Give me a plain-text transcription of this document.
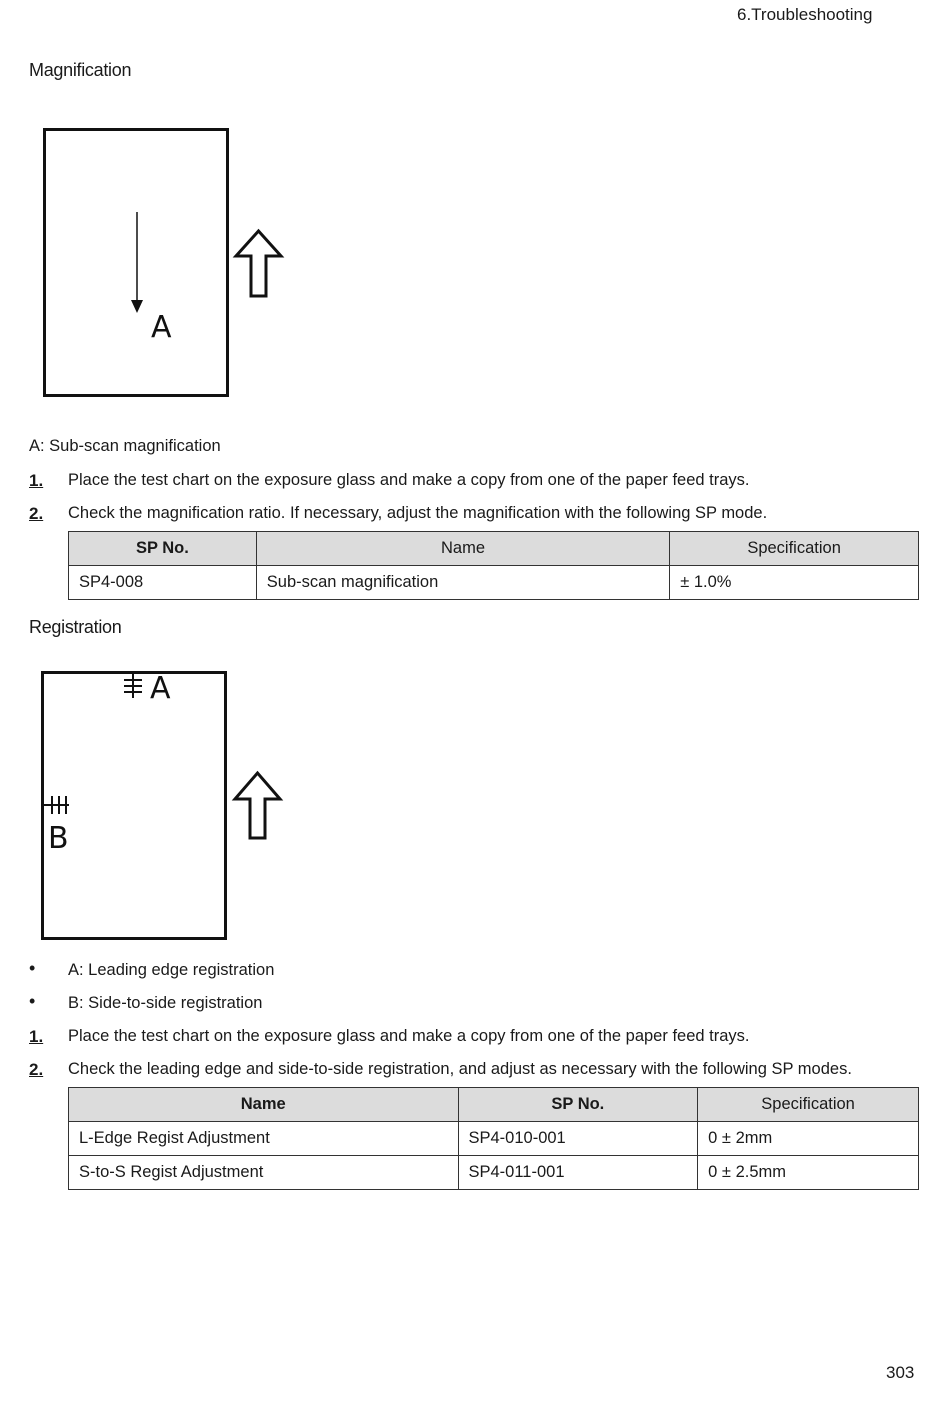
6.Troubleshooting
Magnification
A
A: Sub-scan magnification
1. Place the test chart on the exposure glass and make a copy from one of the paper feed trays.
2. Check the magnification ratio. If necessary, adjust the magnification with the following SP mode.
SP No.	Name	Specification
SP4-008	Sub-scan magnification	± 1.0%
Registration
A
B
• A: Leading edge registration
• B: Side-to-side registration
1. Place the test chart on the exposure glass and make a copy from one of the paper feed trays.
2. Check the leading edge and side-to-side registration, and adjust as necessary with the following SP modes.
Name	SP No.	Specification
L-Edge Regist Adjustment	SP4-010-001	0 ± 2mm
S-to-S Regist Adjustment	SP4-011-001	0 ± 2.5mm
303
